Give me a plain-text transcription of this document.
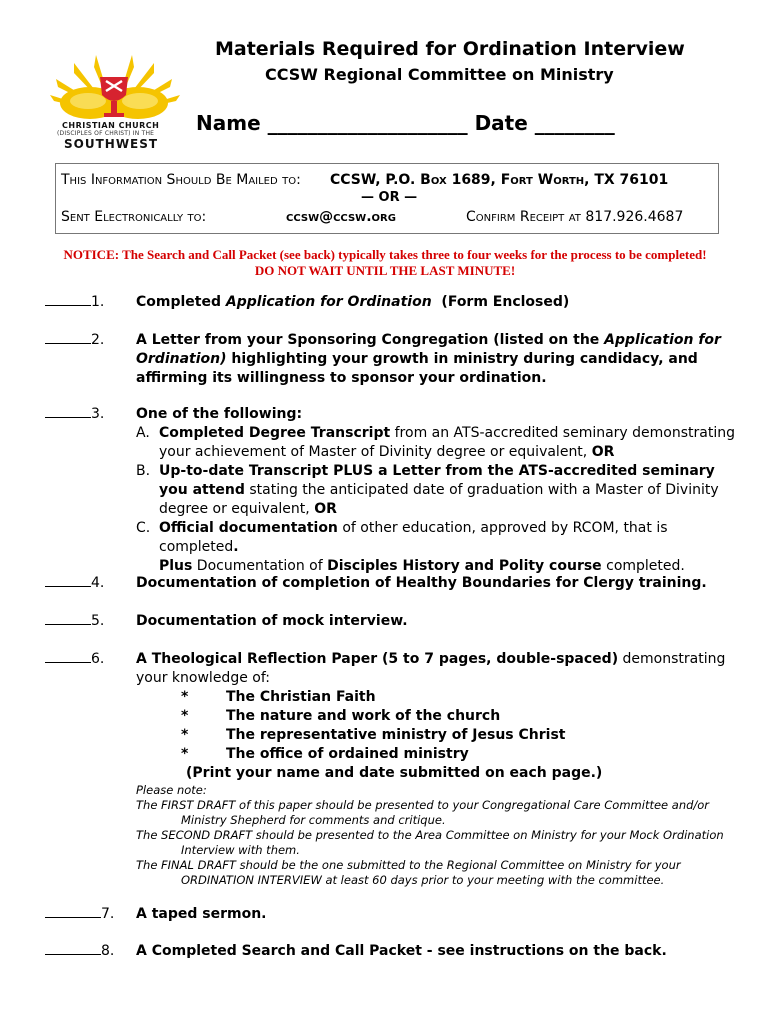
CHRISTIAN CHURCH
(DISCIPLES OF CHRIST) IN THE
SOUTHWEST
Materials Required for Ordination Interview
CCSW Regional Committee on Ministry
Name ____________________ Date ________
This Information Should Be Mailed to: CCSW, P.O. Box 1689, Fort Worth, TX 76101
— OR —
Sent Electronically to:	ccsw@ccsw.org	Confirm Receipt at 817.926.4687
NOTICE: The Search and Call Packet (see back) typically takes three to four weeks for the process to be completed! DO NOT WAIT UNTIL THE LAST MINUTE!
1. Completed Application for Ordination  (Form Enclosed)
2. A Letter from your Sponsoring Congregation (listed on the Application for Ordination) highlighting your growth in ministry during candidacy, and affirming its willingness to sponsor your ordination.
3. One of the following:
A. Completed Degree Transcript from an ATS-accredited seminary demonstrating your achievement of Master of Divinity degree or equivalent, OR
B. Up-to-date Transcript PLUS a Letter from the ATS-accredited seminary you attend stating the anticipated date of graduation with a Master of Divinity degree or equivalent, OR
C. Official documentation of other education, approved by RCOM, that is completed.
Plus Documentation of Disciples History and Polity course completed.
4. Documentation of completion of Healthy Boundaries for Clergy training.
5. Documentation of mock interview.
6. A Theological Reflection Paper (5 to 7 pages, double-spaced) demonstrating your knowledge of:
*	The Christian Faith
*	The nature and work of the church
*	The representative ministry of Jesus Christ
*	The office of ordained ministry
(Print your name and date submitted on each page.)
Please note:
The FIRST DRAFT of this paper should be presented to your Congregational Care Committee and/or
Ministry Shepherd for comments and critique.
The SECOND DRAFT should be presented to the Area Committee on Ministry for your Mock Ordination
Interview with them.
The FINAL DRAFT should be the one submitted to the Regional Committee on Ministry for your
ORDINATION INTERVIEW at least 60 days prior to your meeting with the committee.
7. A taped sermon.
8. A Completed Search and Call Packet - see instructions on the back.
